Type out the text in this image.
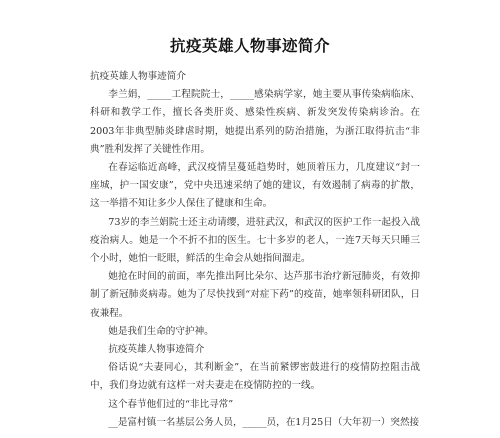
抗疫英雄人物事迹简介

抗疫英雄人物事迹简介

李兰娟，_____工程院院士，_____感染病学家，她主要从事传染病临床、科研和教学工作，擅长各类肝炎、感染性疾病、新发突发传染病诊治。在2003年非典型肺炎肆虐时期，她提出系列的防治措施，为浙江取得抗击“非典”胜利发挥了关键性作用。

在春运临近高峰，武汉疫情呈蔓延趋势时，她顶着压力，几度建议“封一座城，护一国安康”，党中央迅速采纳了她的建议，有效遏制了病毒的扩散，这一举措不知让多少人保住了健康和生命。

73岁的李兰娟院士还主动请缨，进驻武汉，和武汉的医护工作一起投入战疫治病人。她是一个不折不扣的医生。七十多岁的老人，一连7天每天只睡三个小时，她怕一眨眼，鲜活的生命会从她指间溜走。

她抢在时间的前面，率先推出阿比朵尔、达芦那韦治疗新冠肺炎，有效抑制了新冠肺炎病毒。她为了尽快找到“对症下药”的疫苗，她率领科研团队，日夜兼程。

她是我们生命的守护神。

抗疫英雄人物事迹简介

俗话说“夫妻同心，其利断金”，在当前紧锣密鼓进行的疫情防控阻击战中，我们身边就有这样一对夫妻走在疫情防控的一线。

这个春节他们过的“非比寻常”

__是富村镇一名基层公务人员，_____员，在1月25日（大年初一）突然接
